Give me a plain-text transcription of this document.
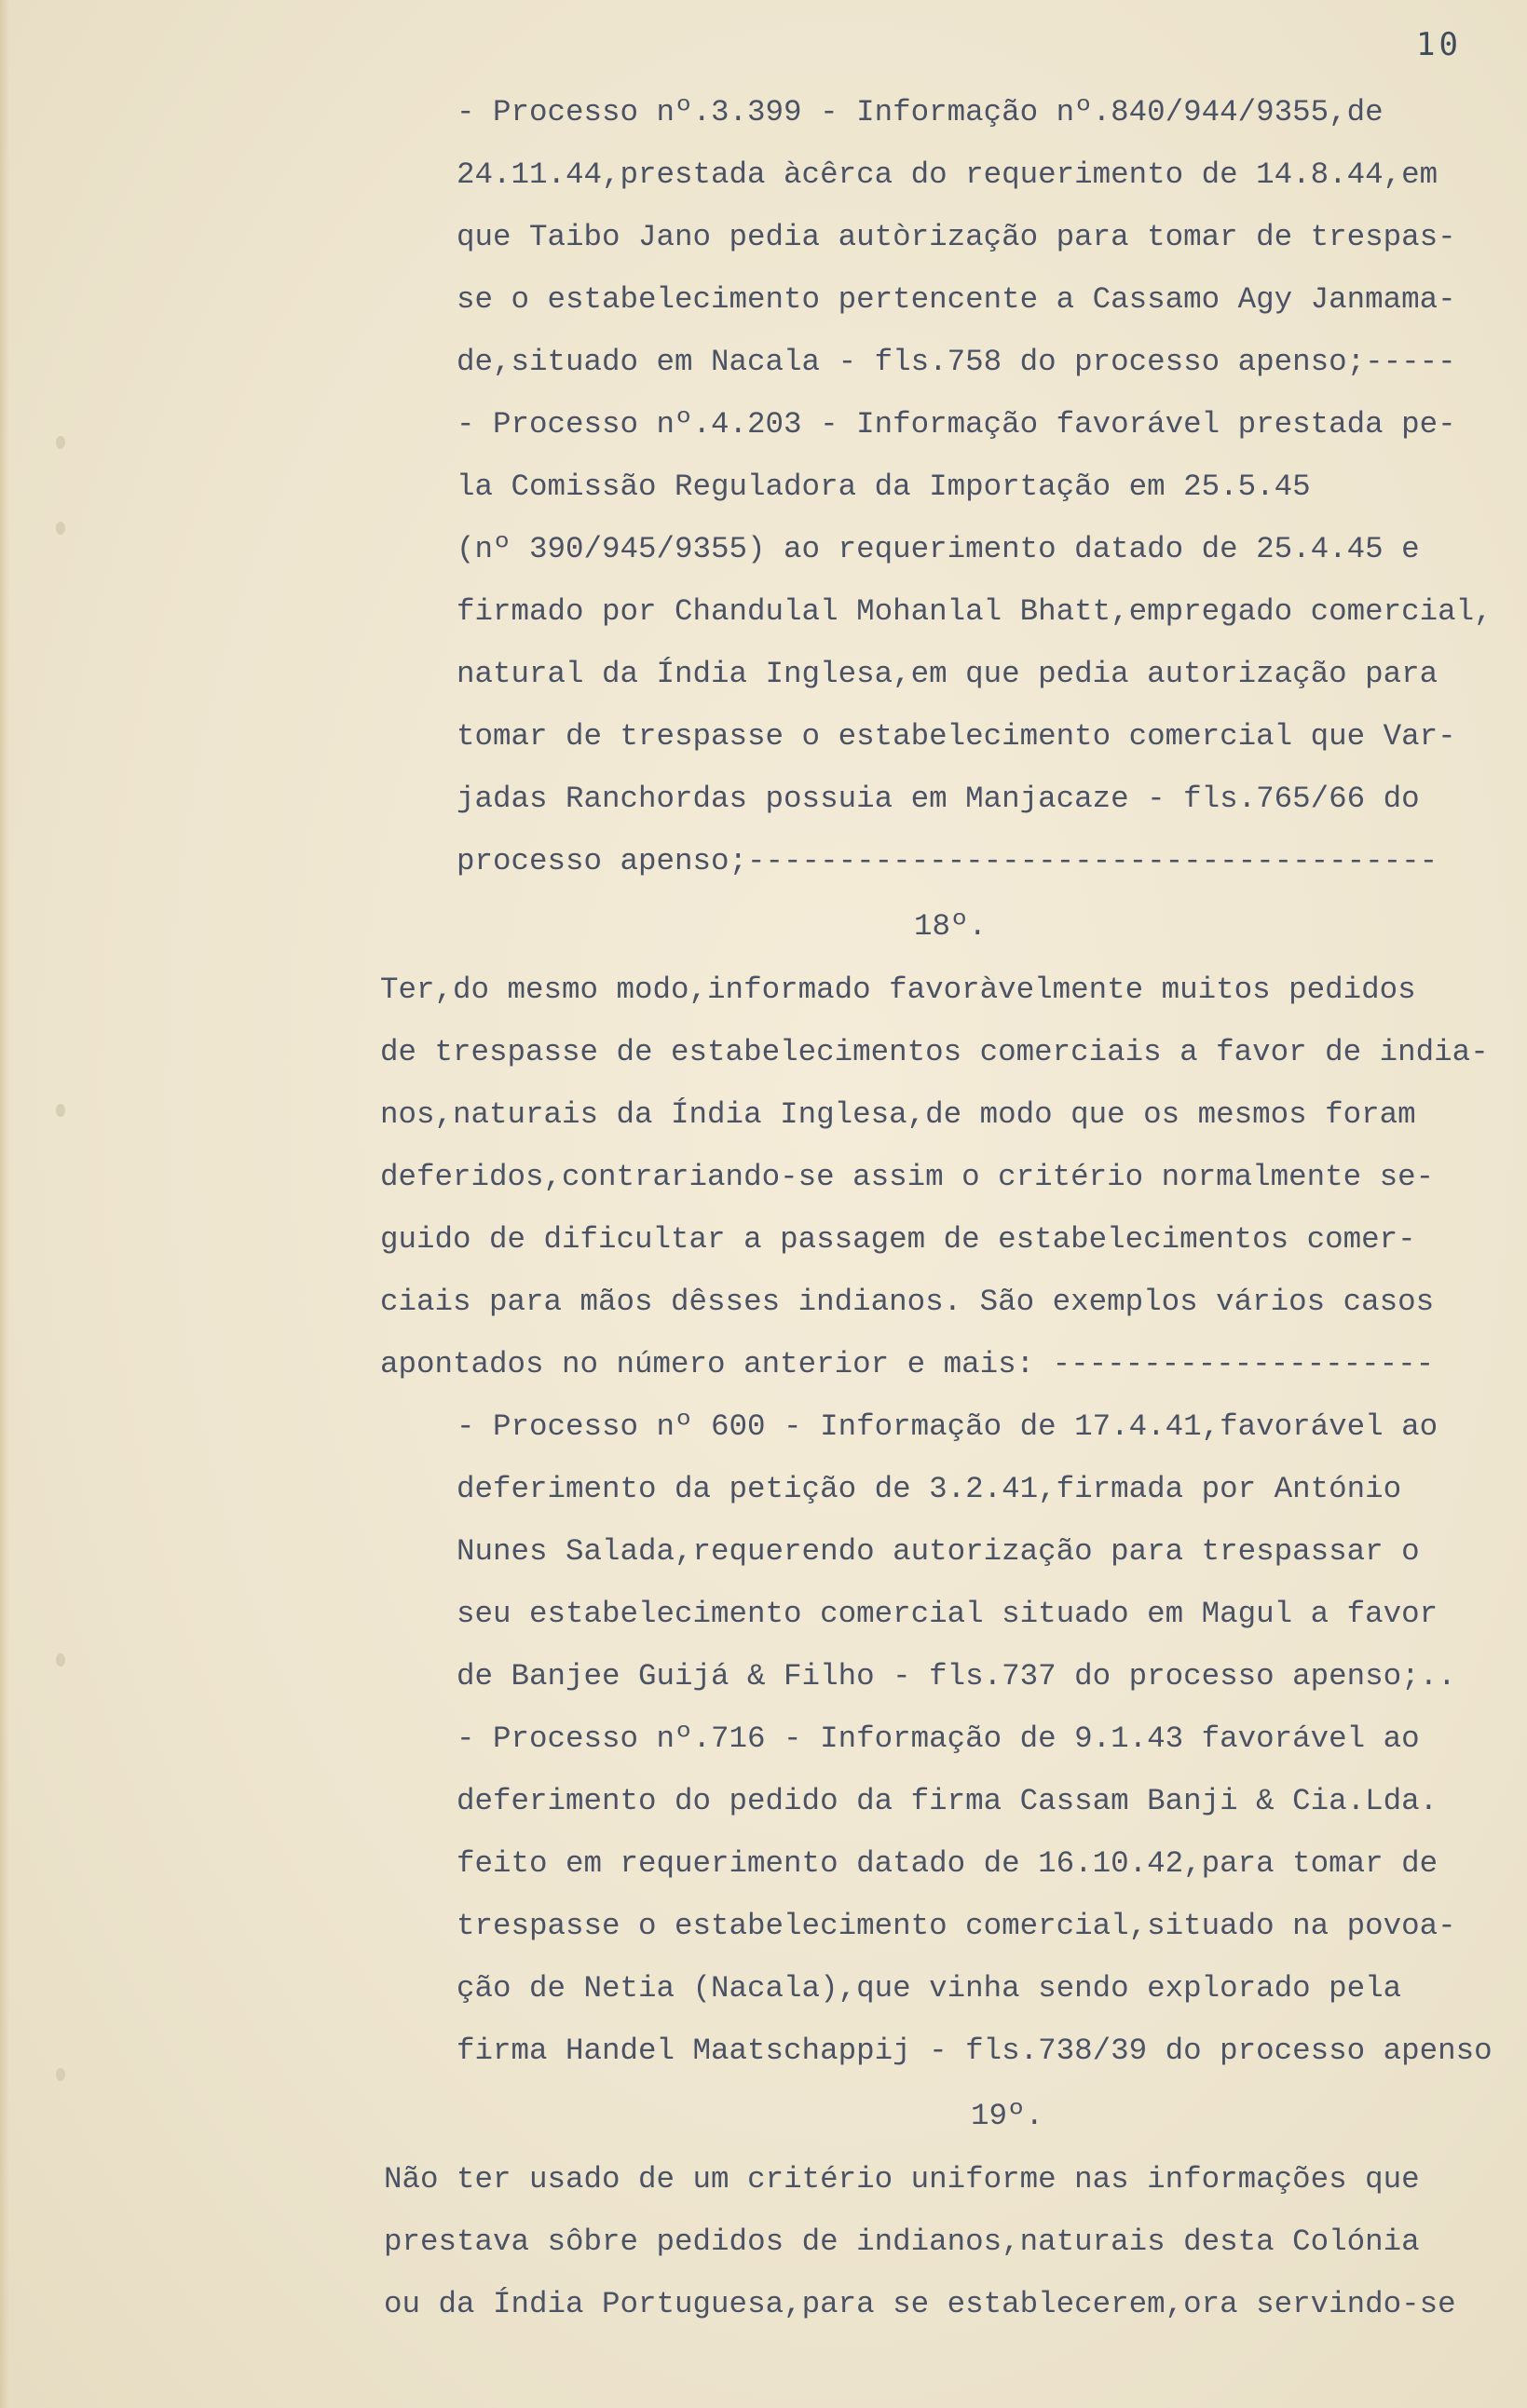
10
- Processo nº.3.399 - Informação nº.840/944/9355,de
24.11.44,prestada àcêrca do requerimento de 14.8.44,em
que Taibo Jano pedia autòrização para tomar de trespas-
se o estabelecimento pertencente a Cassamo Agy Janmama-
de,situado em Nacala - fls.758 do processo apenso;-----
- Processo nº.4.203 - Informação favorável prestada pe-
la Comissão Reguladora da Importação em 25.5.45
(nº 390/945/9355) ao requerimento datado de 25.4.45 e
firmado por Chandulal Mohanlal Bhatt,empregado comercial,
natural da Índia Inglesa,em que pedia autorização para
tomar de trespasse o estabelecimento comercial que Var-
jadas Ranchordas possuia em Manjacaze - fls.765/66 do
processo apenso;--------------------------------------
18º.
Ter,do mesmo modo,informado favoràvelmente muitos pedidos
de trespasse de estabelecimentos comerciais a favor de india-
nos,naturais da Índia Inglesa,de modo que os mesmos foram
deferidos,contrariando-se assim o critério normalmente se-
guido de dificultar a passagem de estabelecimentos comer-
ciais para mãos dêsses indianos. São exemplos vários casos
apontados no número anterior e mais: ---------------------
- Processo nº 600 - Informação de 17.4.41,favorável ao
deferimento da petição de 3.2.41,firmada por António
Nunes Salada,requerendo autorização para trespassar o
seu estabelecimento comercial situado em Magul a favor
de Banjee Guijá & Filho - fls.737 do processo apenso;..
- Processo nº.716 - Informação de 9.1.43 favorável ao
deferimento do pedido da firma Cassam Banji & Cia.Lda.
feito em requerimento datado de 16.10.42,para tomar de
trespasse o estabelecimento comercial,situado na povoa-
ção de Netia (Nacala),que vinha sendo explorado pela
firma Handel Maatschappij - fls.738/39 do processo apenso
19º.
Não ter usado de um critério uniforme nas informações que
prestava sôbre pedidos de indianos,naturais desta Colónia
ou da Índia Portuguesa,para se establecerem,ora servindo-se
